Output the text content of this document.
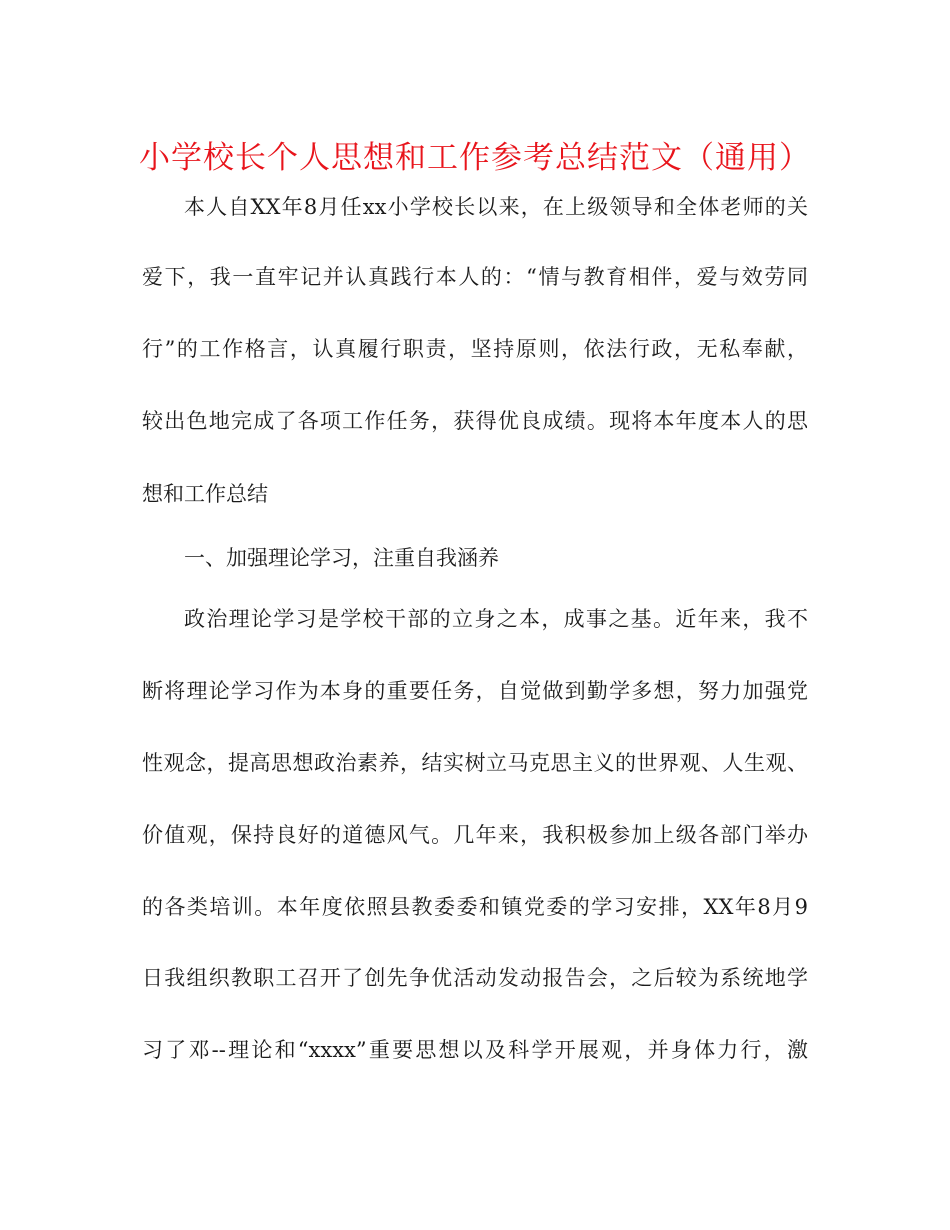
小学校长个人思想和工作参考总结范文（通用）
本人自XX年8月任xx小学校长以来，在上级领导和全体老师的关
爱下，我一直牢记并认真践行本人的：“情与教育相伴，爱与效劳同
行”的工作格言，认真履行职责，坚持原则，依法行政，无私奉献，
较出色地完成了各项工作任务，获得优良成绩。现将本年度本人的思
想和工作总结
一、加强理论学习，注重自我涵养
政治理论学习是学校干部的立身之本，成事之基。近年来，我不
断将理论学习作为本身的重要任务，自觉做到勤学多想，努力加强党
性观念，提高思想政治素养，结实树立马克思主义的世界观、人生观、
价值观，保持良好的道德风气。几年来，我积极参加上级各部门举办
的各类培训。本年度依照县教委委和镇党委的学习安排，XX年8月9
日我组织教职工召开了创先争优活动发动报告会，之后较为系统地学
习了邓--理论和“xxxx”重要思想以及科学开展观，并身体力行，激
